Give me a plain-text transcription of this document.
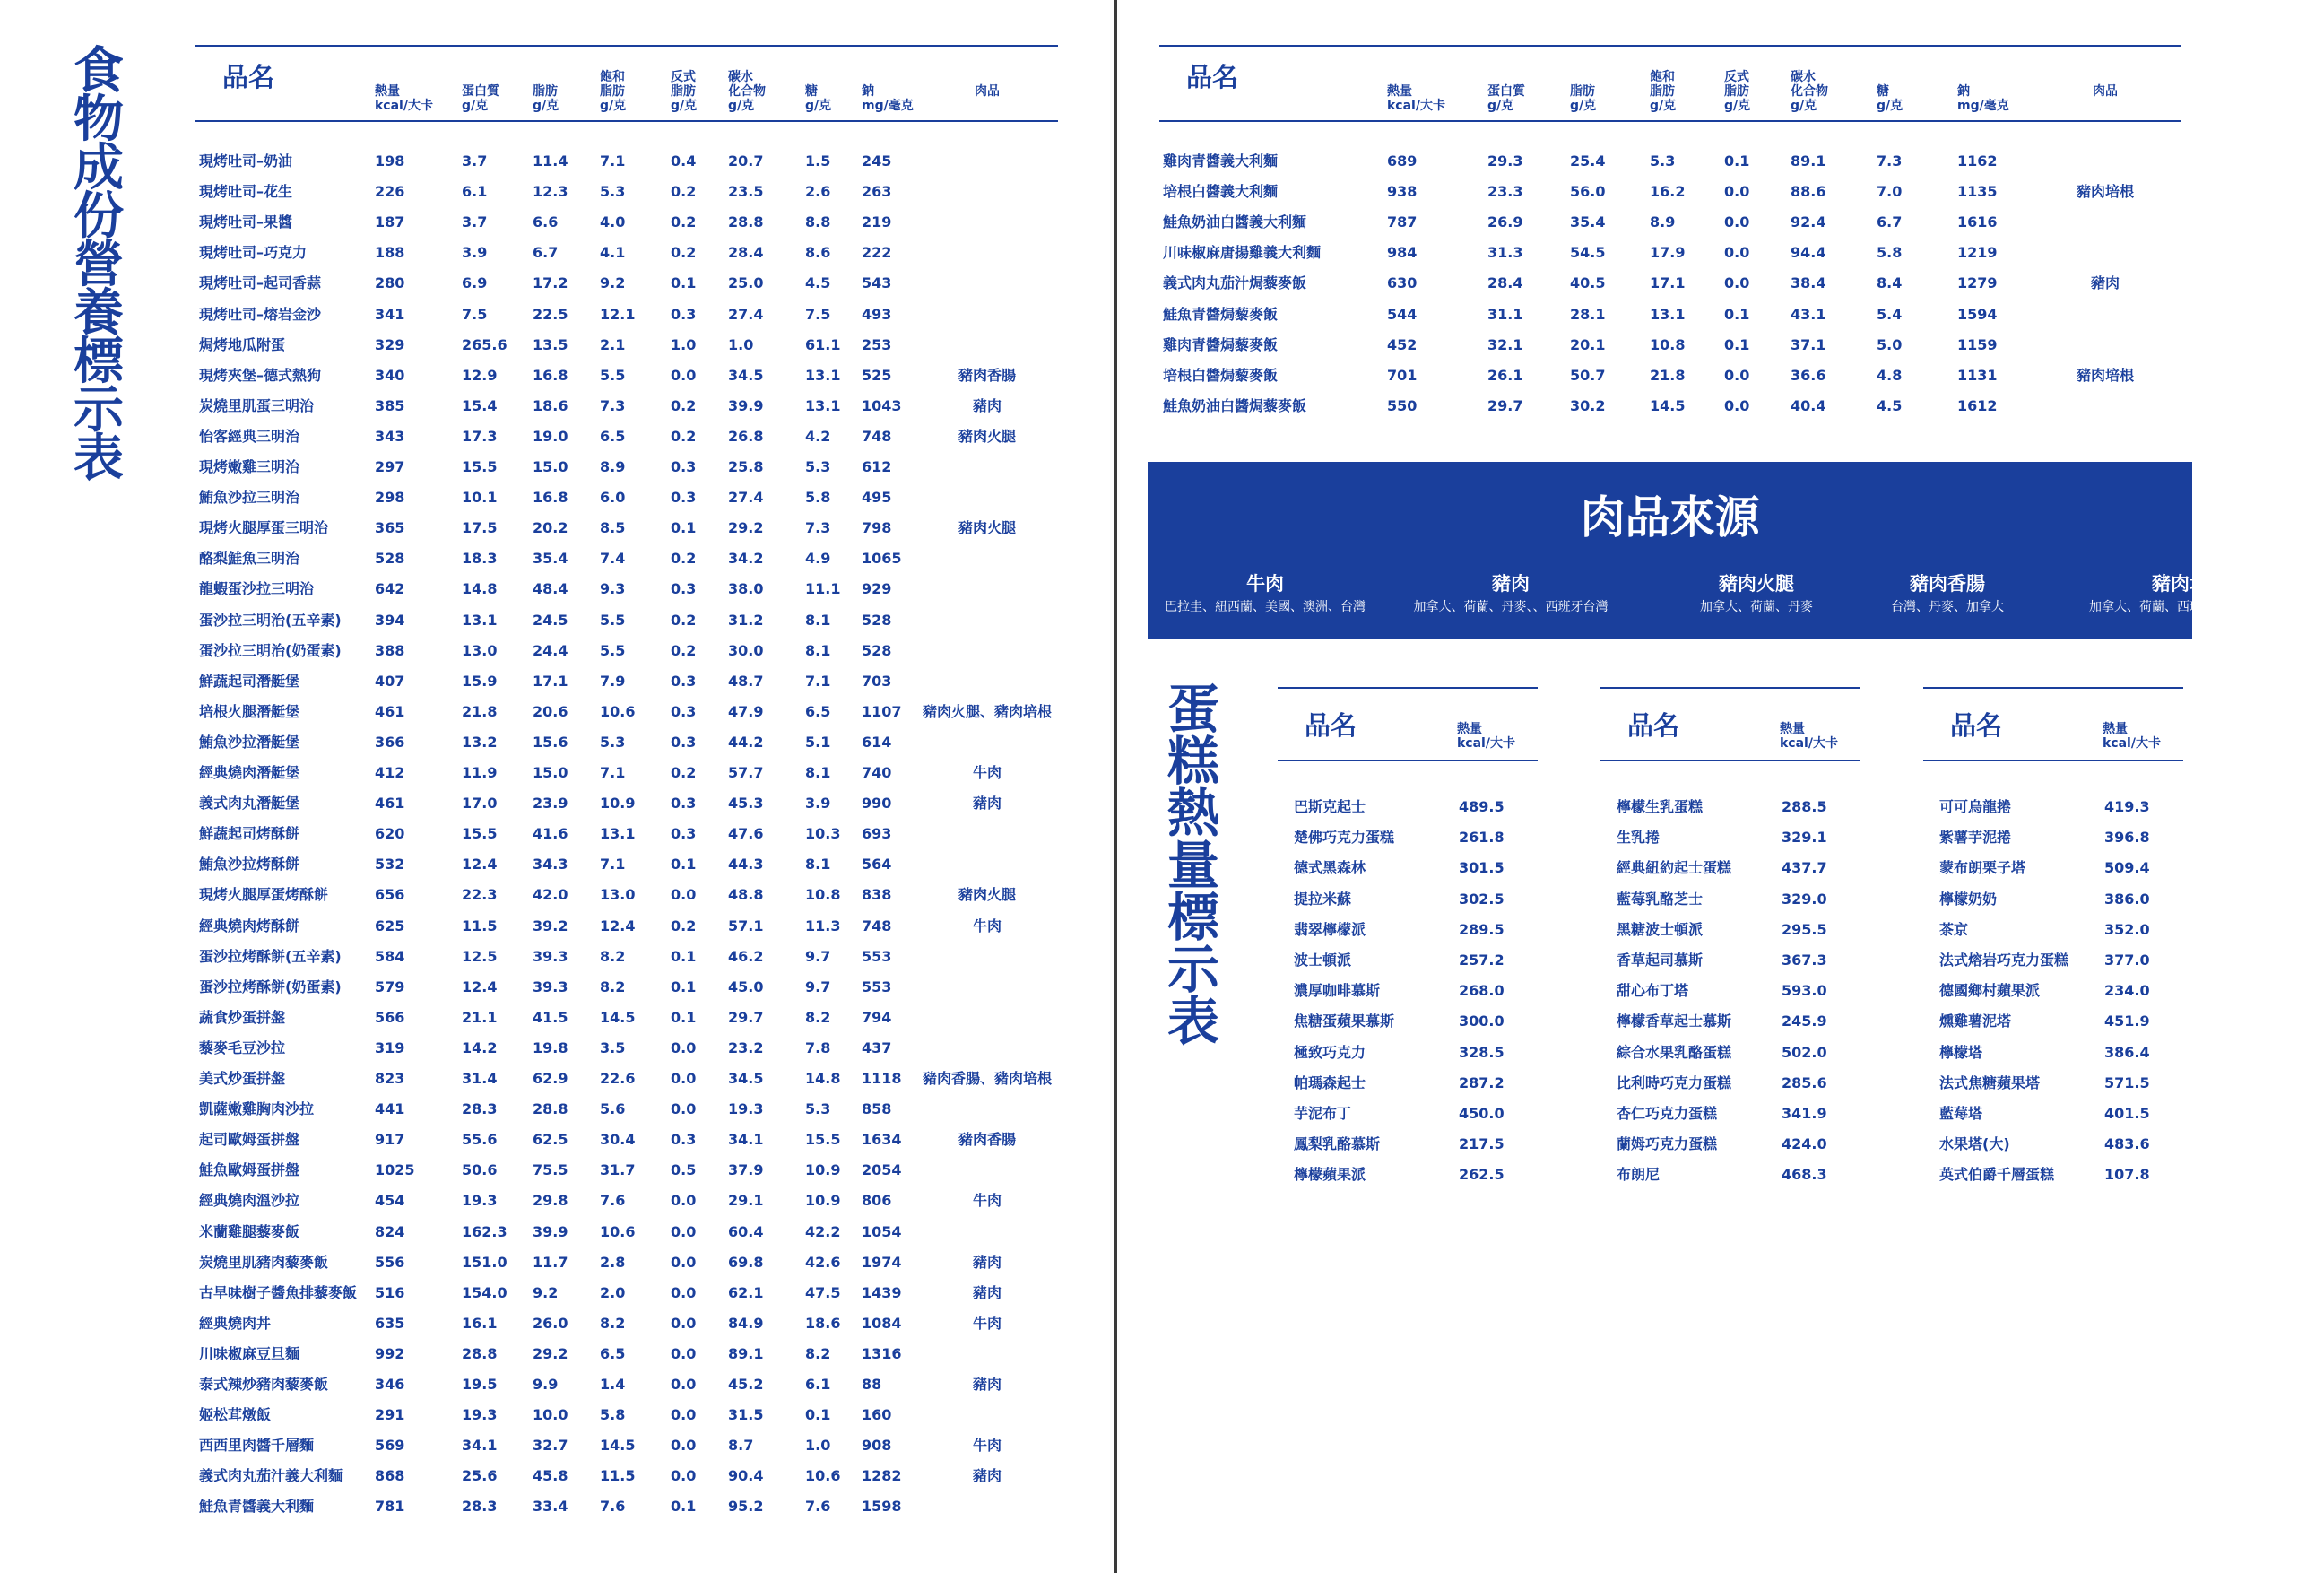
食
物
成
份
營
養
標
示
表
蛋
糕
熱
量
標
示
表
品名	熱量
kcal/大卡
蛋白質
g/克
脂肪
g/克
飽和
脂肪
g/克
反式
脂肪
g/克
碳水
化合物
g/克
糖
g/克
鈉
mg/毫克
肉品
現烤吐司–奶油	198	3.7	11.4 7.1	0.4 20.7	1.5 245
現烤吐司–花生	226	6.1	12.3 5.3	0.2 23.5	2.6 263
現烤吐司–果醬	187	3.7	6.6	4.0	0.2 28.8	8.8 219
現烤吐司–巧克力	188	3.9	6.7	4.1	0.2 28.4	8.6 222
現烤吐司–起司香蒜	280	6.9	17.2 9.2	0.1 25.0	4.5 543
現烤吐司–熔岩金沙	341	7.5	22.5 12.1 0.3 27.4	7.5 493
焗烤地瓜附蛋	329	265.6 13.5 2.1	1.0 1.0	61.1 253
現烤夾堡–德式熱狗	340	12.9 16.8 5.5	0.0 34.5	13.1 525	豬肉香腸
炭燒里肌蛋三明治	385	15.4 18.6 7.3	0.2 39.9	13.1 1043	豬肉
怡客經典三明治	343	17.3 19.0 6.5	0.2 26.8	4.2 748	豬肉火腿
現烤嫩雞三明治	297	15.5 15.0 8.9	0.3 25.8	5.3 612
鮪魚沙拉三明治	298	10.1 16.8 6.0	0.3 27.4	5.8 495
現烤火腿厚蛋三明治	365	17.5 20.2 8.5	0.1 29.2	7.3 798	豬肉火腿
酪梨鮭魚三明治	528	18.3 35.4 7.4	0.2 34.2	4.9 1065
龍蝦蛋沙拉三明治	642	14.8 48.4 9.3	0.3 38.0	11.1 929
蛋沙拉三明治(五辛素) 394	13.1 24.5 5.5	0.2 31.2	8.1 528
蛋沙拉三明治(奶蛋素) 388	13.0 24.4 5.5	0.2 30.0	8.1 528
鮮蔬起司潛艇堡	407	15.9 17.1 7.9	0.3 48.7	7.1 703
培根火腿潛艇堡	461	21.8 20.6 10.6 0.3 47.9	6.5 1107	豬肉火腿、豬肉培根
鮪魚沙拉潛艇堡	366	13.2 15.6 5.3	0.3 44.2	5.1 614
經典燒肉潛艇堡	412	11.9 15.0 7.1	0.2 57.7	8.1 740	牛肉
義式肉丸潛艇堡	461	17.0 23.9 10.9 0.3 45.3	3.9 990	豬肉
鮮蔬起司烤酥餅	620	15.5 41.6 13.1 0.3 47.6	10.3 693
鮪魚沙拉烤酥餅	532	12.4 34.3 7.1	0.1 44.3	8.1 564
現烤火腿厚蛋烤酥餅	656	22.3 42.0 13.0 0.0 48.8	10.8 838	豬肉火腿
經典燒肉烤酥餅	625	11.5 39.2 12.4 0.2 57.1	11.3 748	牛肉
蛋沙拉烤酥餅(五辛素) 584	12.5 39.3 8.2	0.1 46.2	9.7 553
蛋沙拉烤酥餅(奶蛋素) 579	12.4 39.3 8.2	0.1 45.0	9.7 553
蔬食炒蛋拼盤	566	21.1 41.5 14.5 0.1 29.7	8.2 794
藜麥毛豆沙拉	319	14.2 19.8 3.5	0.0 23.2	7.8 437
美式炒蛋拼盤	823	31.4 62.9 22.6 0.0 34.5	14.8 1118	豬肉香腸、豬肉培根
凱薩嫩雞胸肉沙拉	441	28.3 28.8 5.6	0.0 19.3	5.3 858
起司歐姆蛋拼盤	917	55.6 62.5 30.4 0.3 34.1	15.5 1634	豬肉香腸
鮭魚歐姆蛋拼盤	1025	50.6 75.5 31.7 0.5 37.9	10.9 2054
經典燒肉溫沙拉	454	19.3 29.8 7.6	0.0 29.1	10.9 806	牛肉
米蘭雞腿藜麥飯	824	162.3 39.9 10.6 0.0 60.4	42.2 1054
炭燒里肌豬肉藜麥飯	556	151.0 11.7 2.8	0.0 69.8	42.6 1974	豬肉
古早味樹子醬魚排藜麥飯 516	154.0 9.2	2.0	0.0 62.1	47.5 1439	豬肉
經典燒肉丼	635	16.1 26.0 8.2	0.0 84.9	18.6 1084	牛肉
川味椒麻豆旦麵	992	28.8 29.2 6.5	0.0 89.1	8.2 1316
泰式辣炒豬肉藜麥飯	346	19.5 9.9	1.4	0.0 45.2	6.1 88	豬肉
姬松茸燉飯	291	19.3 10.0 5.8	0.0 31.5	0.1 160
西西里肉醬千層麵	569	34.1 32.7 14.5 0.0 8.7	1.0 908	牛肉
義式肉丸茄汁義大利麵 868	25.6 45.8 11.5 0.0 90.4	10.6 1282	豬肉
鮭魚青醬義大利麵	781	28.3 33.4 7.6	0.1 95.2	7.6 1598
品名	熱量
kcal/大卡
蛋白質
g/克
脂肪
g/克
飽和
脂肪
g/克
反式
脂肪
g/克
碳水
化合物
g/克
糖
g/克
鈉
mg/毫克
肉品
雞肉青醬義大利麵	689	29.3	25.4	5.3	0.1	89.1	7.3	1162
培根白醬義大利麵	938	23.3	56.0	16.2	0.0	88.6	7.0	1135	豬肉培根
鮭魚奶油白醬義大利麵	787	26.9	35.4	8.9	0.0	92.4	6.7	1616
川味椒麻唐揚雞義大利麵	984	31.3	54.5	17.9	0.0	94.4	5.8	1219
義式肉丸茄汁焗藜麥飯	630	28.4	40.5	17.1	0.0	38.4	8.4	1279	豬肉
鮭魚青醬焗藜麥飯	544	31.1	28.1	13.1	0.1	43.1	5.4	1594
雞肉青醬焗藜麥飯	452	32.1	20.1	10.8	0.1	37.1	5.0	1159
培根白醬焗藜麥飯	701	26.1	50.7	21.8	0.0	36.6	4.8	1131	豬肉培根
鮭魚奶油白醬焗藜麥飯	550	29.7	30.2	14.5	0.0	40.4	4.5	1612
肉品來源
牛肉
巴拉圭、紐西蘭、美國、澳洲、台灣
豬肉
加拿大、荷蘭、丹麥、、西班牙台灣
豬肉火腿
加拿大、荷蘭、丹麥
豬肉香腸
台灣、丹麥、加拿大
豬肉培根
加拿大、荷蘭、西班牙、丹麥、台灣
品名	熱量
kcal/大卡
巴斯克起士	489.5
楚佛巧克力蛋糕	261.8
德式黑森林	301.5
提拉米蘇	302.5
翡翠檸檬派	289.5
波士頓派	257.2
濃厚咖啡慕斯	268.0
焦糖蛋蘋果慕斯	300.0
極致巧克力	328.5
帕瑪森起士	287.2
芋泥布丁	450.0
鳳梨乳酪慕斯	217.5
檸檬蘋果派	262.5
品名	熱量
kcal/大卡
檸檬生乳蛋糕	288.5
生乳捲	329.1
經典紐約起士蛋糕	437.7
藍莓乳酪芝士	329.0
黑糖波士頓派	295.5
香草起司慕斯	367.3
甜心布丁塔	593.0
檸檬香草起士慕斯	245.9
綜合水果乳酪蛋糕	502.0
比利時巧克力蛋糕	285.6
杏仁巧克力蛋糕	341.9
蘭姆巧克力蛋糕	424.0
布朗尼	468.3
品名	熱量
kcal/大卡
可可烏龍捲	419.3
紫薯芋泥捲	396.8
蒙布朗栗子塔	509.4
檸檬奶奶	386.0
茶京	352.0
法式熔岩巧克力蛋糕 377.0
德國鄉村蘋果派	234.0
燻雞薯泥塔	451.9
檸檬塔	386.4
法式焦糖蘋果塔	571.5
藍莓塔	401.5
水果塔(大)	483.6
英式伯爵千層蛋糕	107.8
